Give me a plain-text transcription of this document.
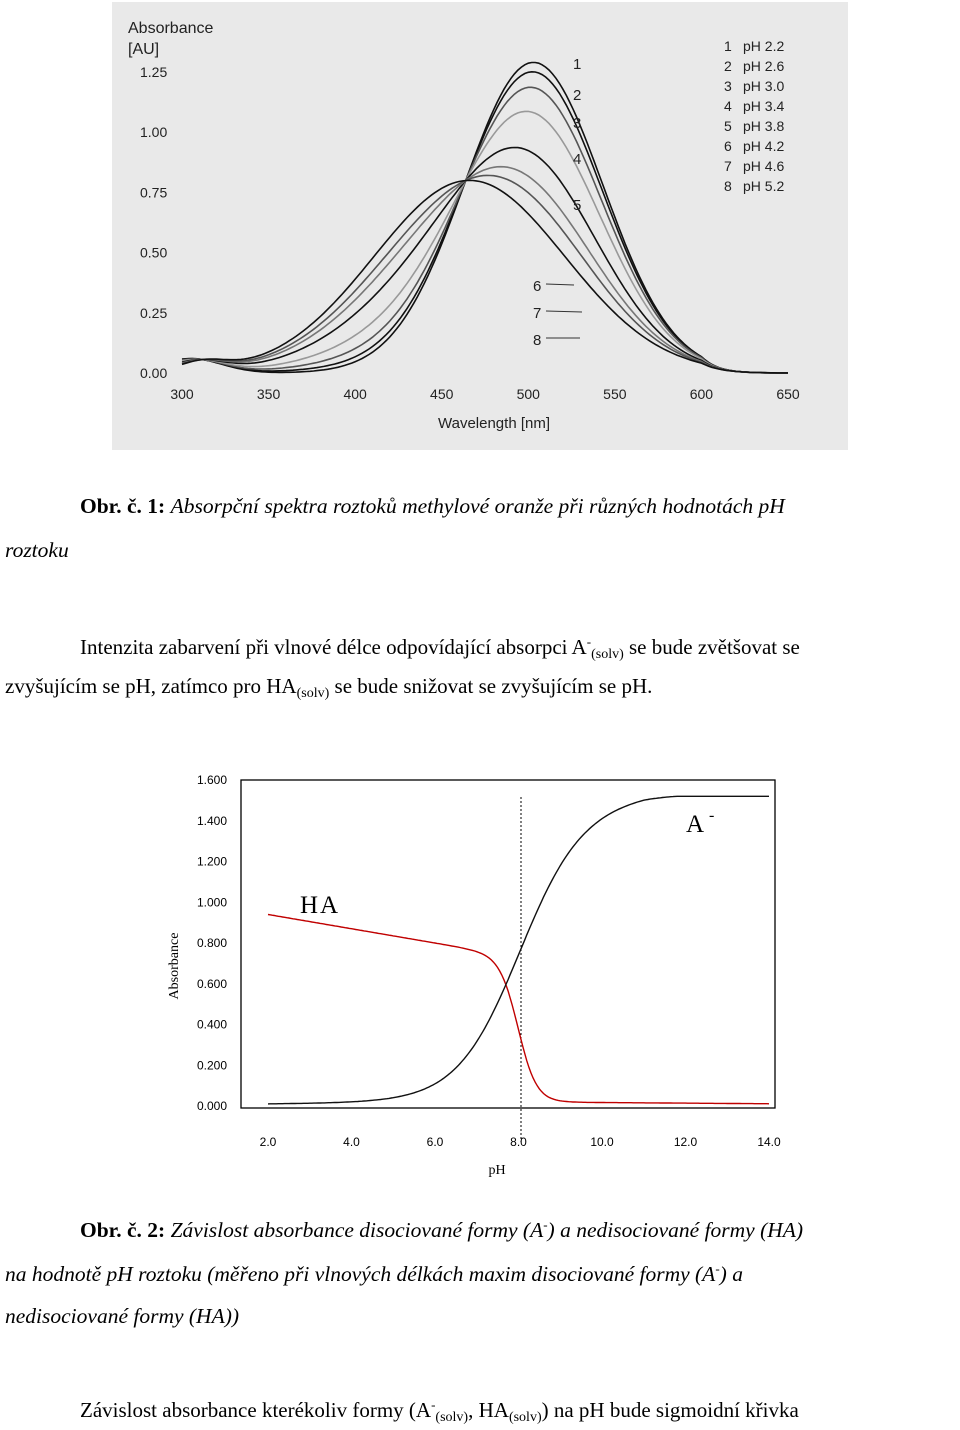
Absorbance
[AU]
1.25
1.00
0.75
0.50
0.25
0.00
300	350	400	450	500	550	600	650
Wavelength [nm]
1
2
3
4
5
6
7
8
1 pH 2.2
2 pH 2.6
3 pH 3.0
4 pH 3.4
5 pH 3.8
6 pH 4.2
7 pH 4.6
8 pH 5.2
Obr. č. 1: Absorpční spektra roztoků methylové oranže při různých hodnotách pH
roztoku
Intenzita zabarvení při vlnové délce odpovídající absorpci $A^-_{(solv)}$ se bude zvětšovat se
zvyšujícím se pH, zatímco pro $HA_{(solv)}$ se bude snižovat se zvyšujícím se pH.
1.600
1.400
1.200
1.000
0.800
0.600
0.400
0.200
0.000
2.0	4.0	6.0	8.0	10.0	12.0	14.0
HA
A -
Absorbance
pH
Obr. č. 2: Závislost absorbance disociované formy (A-) a nedisociované formy (HA)
na hodnotě pH roztoku (měřeno při vlnových délkách maxim disociované formy (A-) a
nedisociované formy (HA))
Závislost absorbance kterékoliv formy ($A^-_{(solv)}$, $HA_{(solv)}$) na pH bude sigmoidní křivka
